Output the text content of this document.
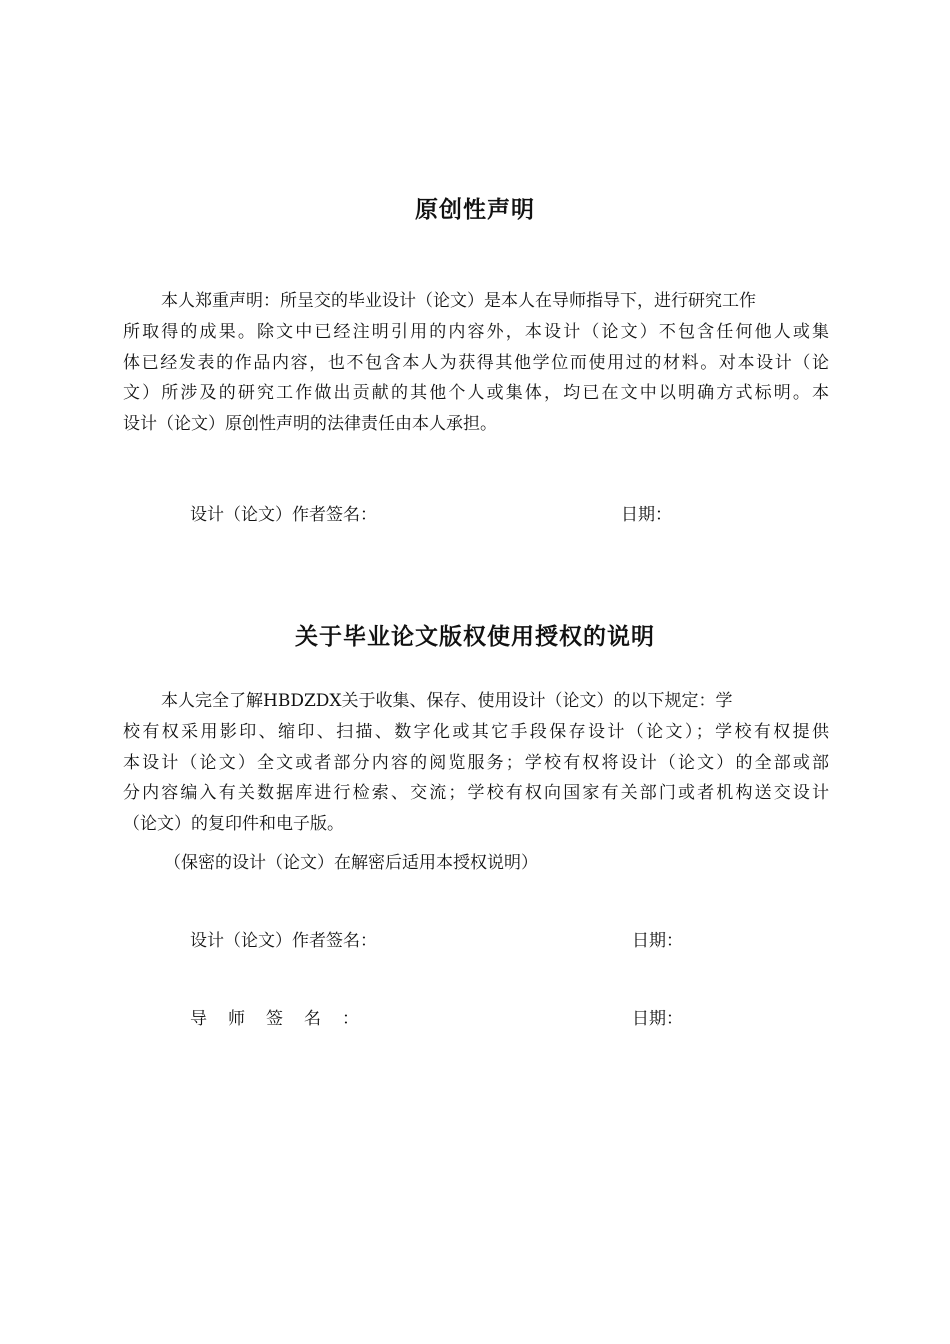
原创性声明
本人郑重声明：所呈交的毕业设计（论文）是本人在导师指导下，进行研究工作
所取得的成果。除文中已经注明引用的内容外，本设计（论文）不包含任何他人或集
体已经发表的作品内容，也不包含本人为获得其他学位而使用过的材料。对本设计（论
文）所涉及的研究工作做出贡献的其他个人或集体，均已在文中以明确方式标明。本
设计（论文）原创性声明的法律责任由本人承担。
设计（论文）作者签名：	日期：
关于毕业论文版权使用授权的说明
本人完全了解HBDZDX关于收集、保存、使用设计（论文）的以下规定：学
校有权采用影印、缩印、扫描、数字化或其它手段保存设计（论文）；学校有权提供
本设计（论文）全文或者部分内容的阅览服务；学校有权将设计（论文）的全部或部
分内容编入有关数据库进行检索、交流；学校有权向国家有关部门或者机构送交设计
（论文）的复印件和电子版。
（保密的设计（论文）在解密后适用本授权说明）
设计（论文）作者签名：	日期：
导师签名：	日期：
